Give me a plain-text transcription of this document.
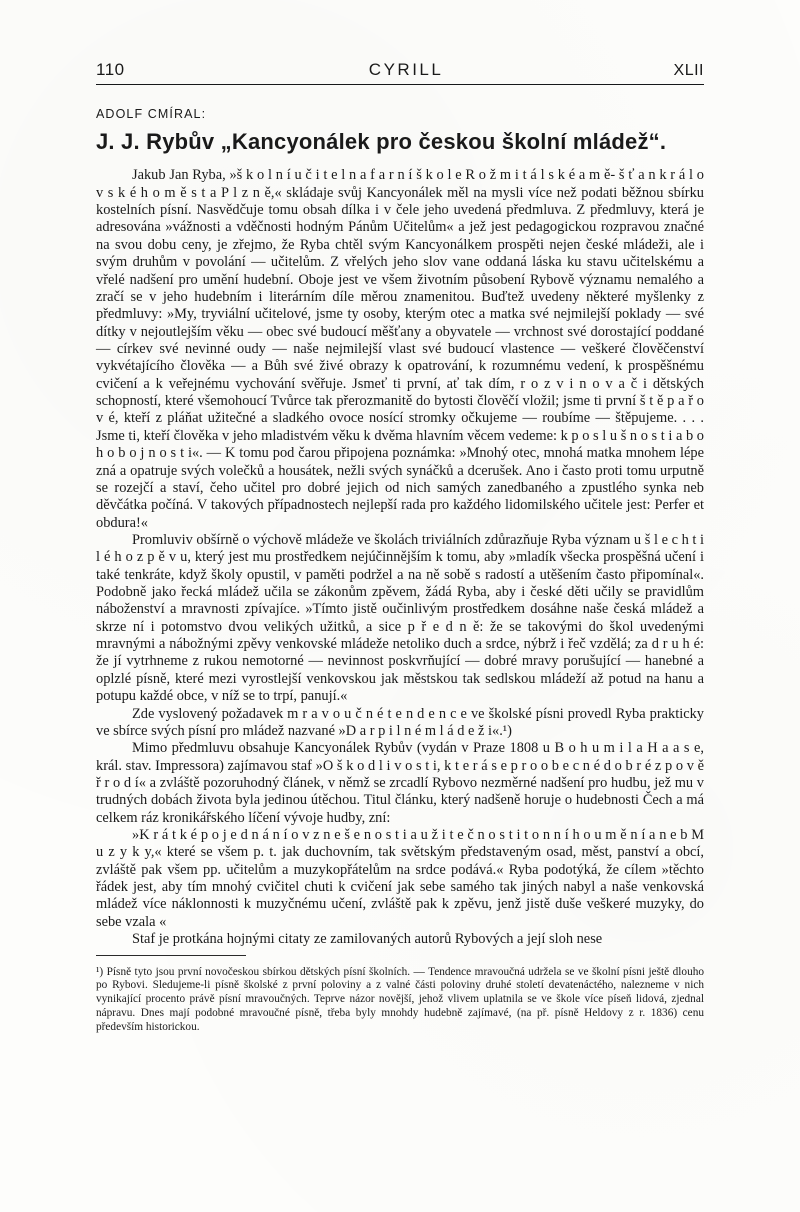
110	CYRILL	XLII
ADOLF CMÍRAL:
J. J. Rybův „Kancyonálek pro českou školní mládež“.

Jakub Jan Ryba, »š k o l n í u č i t e l n a f a r n í š k o l e R o ž m i t á l s k é a m ě- š ť a n k r á l o v s k é h o m ě s t a P l z n ě,« skládaje svůj Kancyonálek měl na mysli více než podati běžnou sbírku kostelních písní. Nasvědčuje tomu obsah dílka i v čele jeho uvedená předmluva. Z předmluvy, která je adresována »vážnosti a vděčnosti hodným Pánům Učitelům« a jež jest pedagogickou rozpravou značné na svou dobu ceny, je zřejmo, že Ryba chtěl svým Kancyonálkem prospěti nejen české mládeži, ale i svým druhům v povolání — učitelům. Z vřelých jeho slov vane oddaná láska ku stavu učitelskému a vřelé nadšení pro umění hudební. Oboje jest ve všem životním působení Rybově významu nemalého a zračí se v jeho hudebním i literárním díle měrou znamenitou. Buďtež uvedeny některé myšlenky z předmluvy: »My, tryviální učitelové, jsme ty osoby, kterým otec a matka své nejmilejší poklady — své dítky v nejoutlejším věku — obec své budoucí měšťany a obyvatele — vrchnost své dorostající poddané — církev své nevinné oudy — naše nejmilejší vlast své budoucí vlastence — veškeré člověčenství vykvétajícího člověka — a Bůh své živé obrazy k opatrování, k rozumnému vedení, k prospěšnému cvičení a k veřejnému vychování svěřuje. Jsmeť ti první, ať tak dím, r o z v i n o v a č i dětských schopností, které všemohoucí Tvůrce tak přerozmanitě do bytosti člověčí vložil; jsme ti první š t ě p a ř o v é, kteří z pláňat užitečné a sladkého ovoce nosící stromky očkujeme — roubíme — štěpujeme. . . . Jsme ti, kteří člověka v jeho mladistvém věku k dvěma hlavním věcem vedeme: k p o s l u š n o s t i a b o h o b o j n o s t i«. — K tomu pod čarou připojena poznámka: »Mnohý otec, mnohá matka mnohem lépe zná a opatruje svých volečků a housátek, nežli svých synáčků a dcerušek. Ano i často proti tomu urputně se rozejčí a staví, čeho učitel pro dobré jejich od nich samých zanedbaného a zpustlého synka neb děvčátka počíná. V takových případnostech nejlepší rada pro každého lidomilského učitele jest: Perfer et obdura!«

Promluviv obšírně o výchově mládeže ve školách triviálních zdůrazňuje Ryba význam u š l e c h t i l é h o z p ě v u, který jest mu prostředkem nejúčinnějším k tomu, aby »mladík všecka prospěšná učení i také tenkráte, když školy opustil, v paměti podržel a na ně sobě s radostí a utěšením často připomínal«. Podobně jako řecká mládež učila se zákonům zpěvem, žádá Ryba, aby i české děti učily se pravidlům náboženství a mravnosti zpívajíce. »Tímto jistě oučinlivým prostředkem dosáhne naše česká mládež a skrze ní i potomstvo dvou velikých užitků, a sice p ř e d n ě: že se takovými do škol uvedenými mravnými a nábožnými zpěvy venkovské mládeže netoliko duch a srdce, nýbrž i řeč vzdělá; za d r u h é: že jí vytrhneme z rukou nemotorné — nevinnost poskvrňující — dobré mravy porušující — hanebné a oplzlé písně, které mezi vyrostlejší venkovskou jak městskou tak sedlskou mládeží až potud na hanu a potupu každé obce, v níž se to trpí, panují.«

Zde vyslovený požadavek m r a v o u č n é t e n d e n c e ve školské písni provedl Ryba prakticky ve sbírce svých písní pro mládež nazvané »D a r p i l n é m l á d e ž i«.¹)

Mimo předmluvu obsahuje Kancyonálek Rybův (vydán v Praze 1808 u B o h u m i l a H a a s e, král. stav. Impressora) zajímavou staf »O š k o d l i v o s t i, k t e r á s e p r o o b e c n é d o b r é z p o v ě ř r o d í« a zvláště pozoruhodný článek, v němž se zrcadlí Rybovo nezměrné nadšení pro hudbu, jež mu v trudných dobách života byla jedinou útěchou. Titul článku, který nadšeně horuje o hudebnosti Čech a má celkem ráz kronikářského líčení vývoje hudby, zní:

»K r á t k é p o j e d n á n í o v z n e š e n o s t i a u ž i t e č n o s t i t o n n í h o u m ě n í a n e b M u z y k y,« které se všem p. t. jak duchovním, tak světským představeným osad, měst, panství a obcí, zvláště pak všem pp. učitelům a muzykopřátelům na srdce podává.« Ryba podotýká, že cílem »těchto řádek jest, aby tím mnohý cvičitel chuti k cvičení jak sebe samého tak jiných nabyl a naše venkovská mládež více náklonnosti k muzyčnému učení, zvláště pak k zpěvu, jenž jistě duše veškeré muzyky, do sebe vzala «

Staf je protkána hojnými citaty ze zamilovaných autorů Rybových a její sloh nese

¹) Písně tyto jsou první novočeskou sbírkou dětských písní školních. — Tendence mravoučná udržela se ve školní písni ještě dlouho po Rybovi. Sledujeme-li písně školské z první poloviny a z valné části poloviny druhé století devatenáctého, nalezneme v nich vynikající procento právě písní mravoučných. Teprve názor novější, jehož vlivem uplatnila se ve škole více píseň lidová, zjednal nápravu. Dnes mají podobné mravoučné písně, třeba byly mnohdy hudebně zajímavé, (na př. písně Heldovy z r. 1836) cenu především historickou.
